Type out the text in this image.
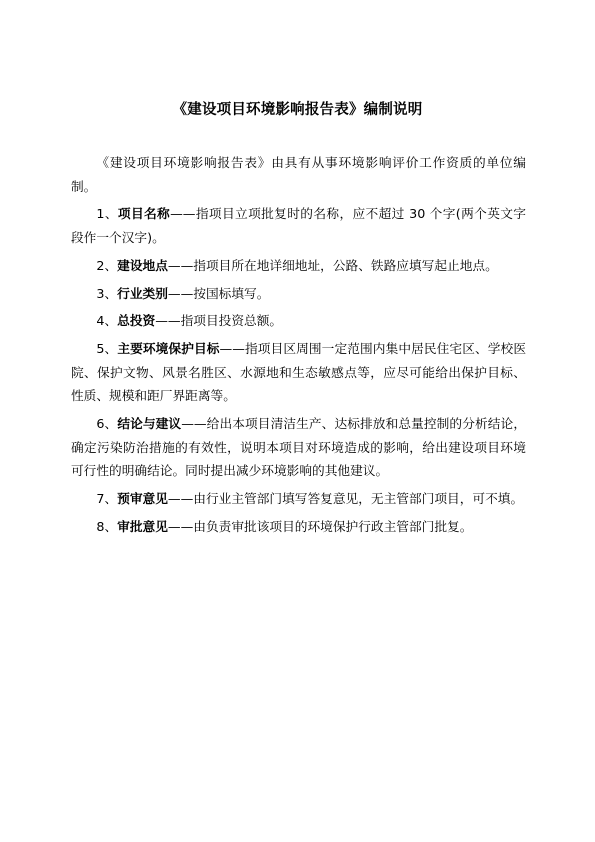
《建设项目环境影响报告表》编制说明

《建设项目环境影响报告表》由具有从事环境影响评价工作资质的单位编制。

1、项目名称——指项目立项批复时的名称，应不超过 30 个字(两个英文字段作一个汉字)。

2、建设地点——指项目所在地详细地址，公路、铁路应填写起止地点。

3、行业类别——按国标填写。

4、总投资——指项目投资总额。

5、主要环境保护目标——指项目区周围一定范围内集中居民住宅区、学校医院、保护文物、风景名胜区、水源地和生态敏感点等，应尽可能给出保护目标、性质、规模和距厂界距离等。

6、结论与建议——给出本项目清洁生产、达标排放和总量控制的分析结论，确定污染防治措施的有效性，说明本项目对环境造成的影响，给出建设项目环境可行性的明确结论。同时提出减少环境影响的其他建议。

7、预审意见——由行业主管部门填写答复意见，无主管部门项目，可不填。

8、审批意见——由负责审批该项目的环境保护行政主管部门批复。
